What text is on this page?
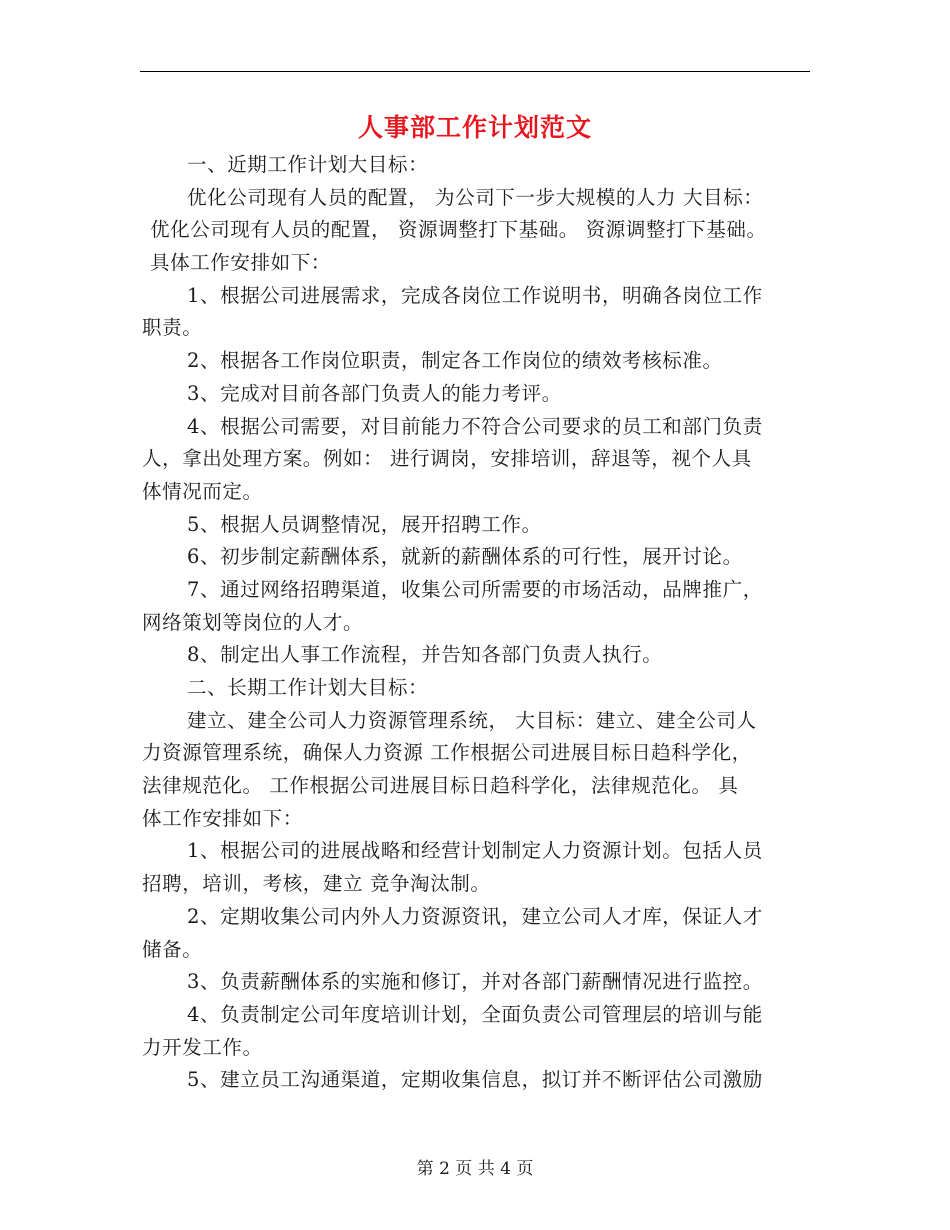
人事部工作计划范文
一、近期工作计划大目标：
优化公司现有人员的配置， 为公司下一步大规模的人力 大目标：
优化公司现有人员的配置， 资源调整打下基础。 资源调整打下基础。
具体工作安排如下：
1、根据公司进展需求，完成各岗位工作说明书，明确各岗位工作
职责。
2、根据各工作岗位职责，制定各工作岗位的绩效考核标准。
3、完成对目前各部门负责人的能力考评。
4、根据公司需要，对目前能力不符合公司要求的员工和部门负责
人，拿出处理方案。例如： 进行调岗，安排培训，辞退等，视个人具
体情况而定。
5、根据人员调整情况，展开招聘工作。
6、初步制定薪酬体系，就新的薪酬体系的可行性，展开讨论。
7、通过网络招聘渠道，收集公司所需要的市场活动，品牌推广，
网络策划等岗位的人才。
8、制定出人事工作流程，并告知各部门负责人执行。
二、长期工作计划大目标：
建立、建全公司人力资源管理系统， 大目标：建立、建全公司人
力资源管理系统，确保人力资源 工作根据公司进展目标日趋科学化，
法律规范化。 工作根据公司进展目标日趋科学化，法律规范化。 具
体工作安排如下：
1、根据公司的进展战略和经营计划制定人力资源计划。包括人员
招聘，培训，考核，建立 竞争淘汰制。
2、定期收集公司内外人力资源资讯，建立公司人才库，保证人才
储备。
3、负责薪酬体系的实施和修订，并对各部门薪酬情况进行监控。
4、负责制定公司年度培训计划，全面负责公司管理层的培训与能
力开发工作。
5、建立员工沟通渠道，定期收集信息，拟订并不断评估公司激励
第 2 页 共 4 页
